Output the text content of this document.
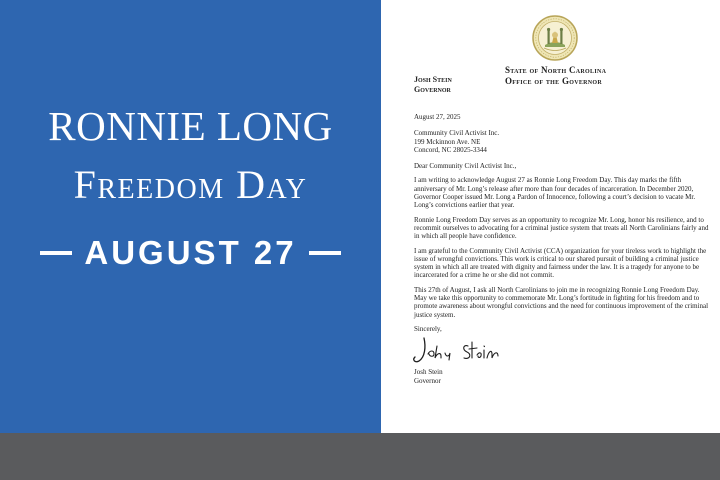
RONNIE LONG
Freedom Day
AUGUST 27
State of North Carolina
Office of the Governor
Josh Stein
Governor

August 27, 2025

Community Civil Activist Inc.

199 Mckinnon Ave. NE

Concord, NC 28025-3344

Dear Community Civil Activist Inc.,

I am writing to acknowledge August 27 as Ronnie Long Freedom Day. This day marks the fifth anniversary of Mr. Long’s release after more than four decades of incarceration. In December 2020, Governor Cooper issued Mr. Long a Pardon of Innocence, following a court’s decision to vacate Mr. Long’s convictions earlier that year.

Ronnie Long Freedom Day serves as an opportunity to recognize Mr. Long, honor his resilience, and to recommit ourselves to advocating for a criminal justice system that treats all North Carolinians fairly and in which all people have confidence.

I am grateful to the Community Civil Activist (CCA) organization for your tireless work to highlight the issue of wrongful convictions. This work is critical to our shared pursuit of building a criminal justice system in which all are treated with dignity and fairness under the law. It is a tragedy for anyone to be incarcerated for a crime he or she did not commit.

This 27th of August, I ask all North Carolinians to join me in recognizing Ronnie Long Freedom Day. May we take this opportunity to commemorate Mr. Long’s fortitude in fighting for his freedom and to promote awareness about wrongful convictions and the need for continuous improvement of the criminal justice system.

Sincerely,

Josh Stein

Governor
